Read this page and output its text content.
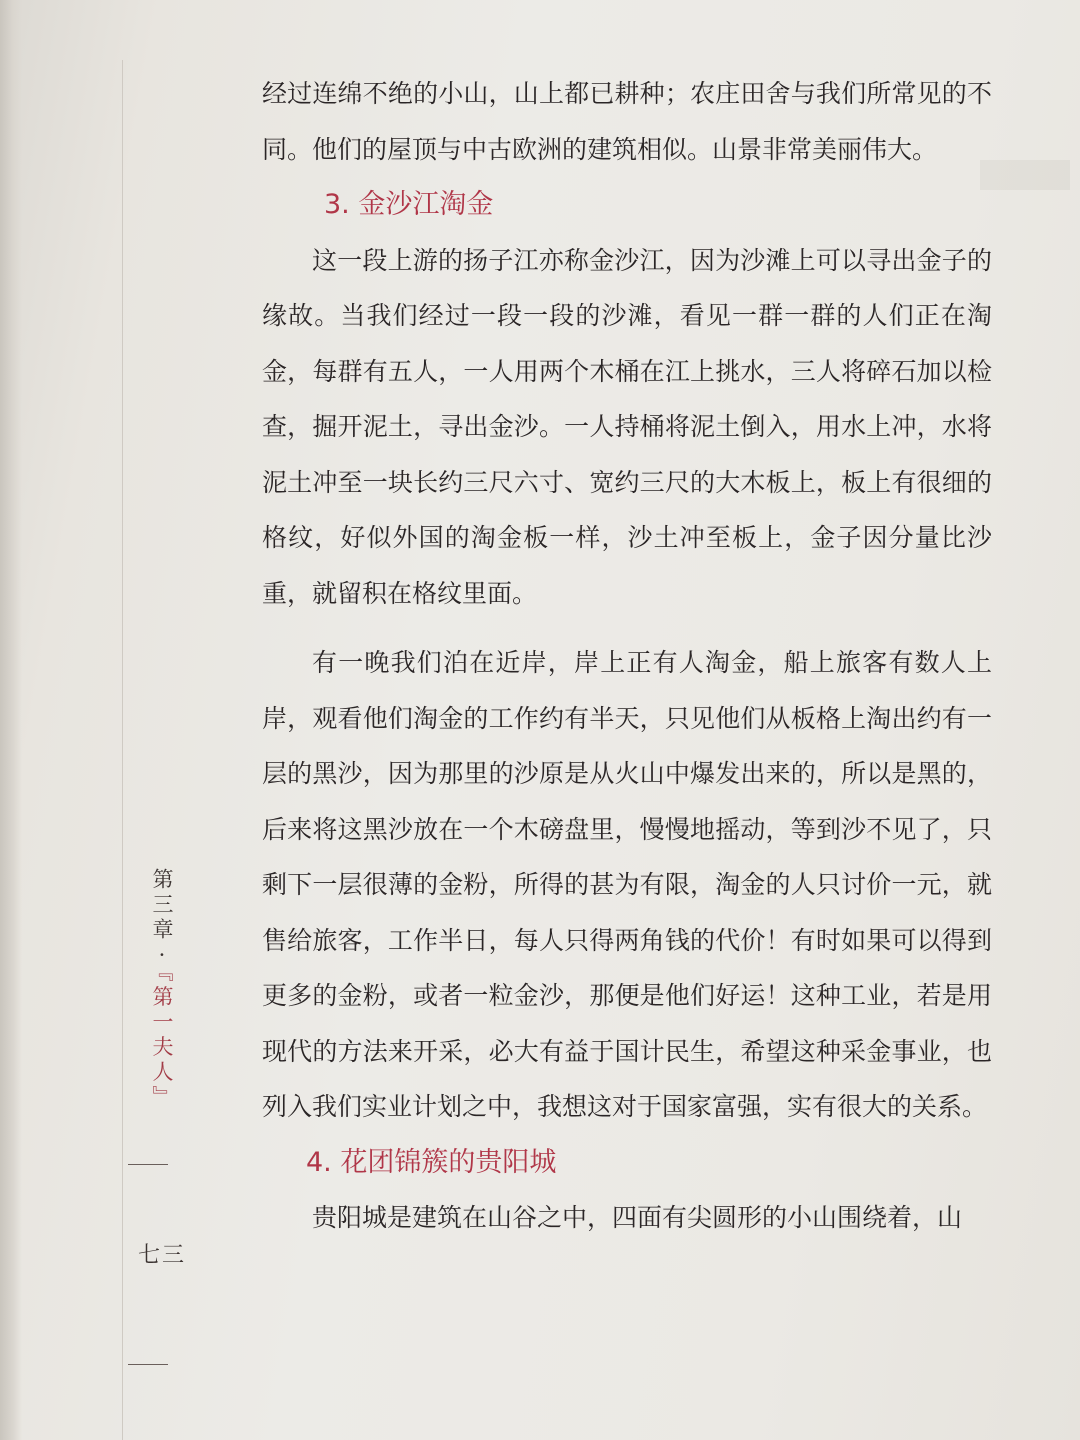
第三章·『第一夫人』
七三

经过连绵不绝的小山，山上都已耕种；农庄田舍与我们所常见的不同。他们的屋顶与中古欧洲的建筑相似。山景非常美丽伟大。

3. 金沙江淘金

这一段上游的扬子江亦称金沙江，因为沙滩上可以寻出金子的缘故。当我们经过一段一段的沙滩，看见一群一群的人们正在淘金，每群有五人，一人用两个木桶在江上挑水，三人将碎石加以检查，掘开泥土，寻出金沙。一人持桶将泥土倒入，用水上冲，水将泥土冲至一块长约三尺六寸、宽约三尺的大木板上，板上有很细的格纹，好似外国的淘金板一样，沙土冲至板上，金子因分量比沙重，就留积在格纹里面。

有一晚我们泊在近岸，岸上正有人淘金，船上旅客有数人上岸，观看他们淘金的工作约有半天，只见他们从板格上淘出约有一层的黑沙，因为那里的沙原是从火山中爆发出来的，所以是黑的，后来将这黑沙放在一个木磅盘里，慢慢地摇动，等到沙不见了，只剩下一层很薄的金粉，所得的甚为有限，淘金的人只讨价一元，就售给旅客，工作半日，每人只得两角钱的代价！有时如果可以得到更多的金粉，或者一粒金沙，那便是他们好运！这种工业，若是用现代的方法来开采，必大有益于国计民生，希望这种采金事业，也列入我们实业计划之中，我想这对于国家富强，实有很大的关系。

4. 花团锦簇的贵阳城

贵阳城是建筑在山谷之中，四面有尖圆形的小山围绕着，山
